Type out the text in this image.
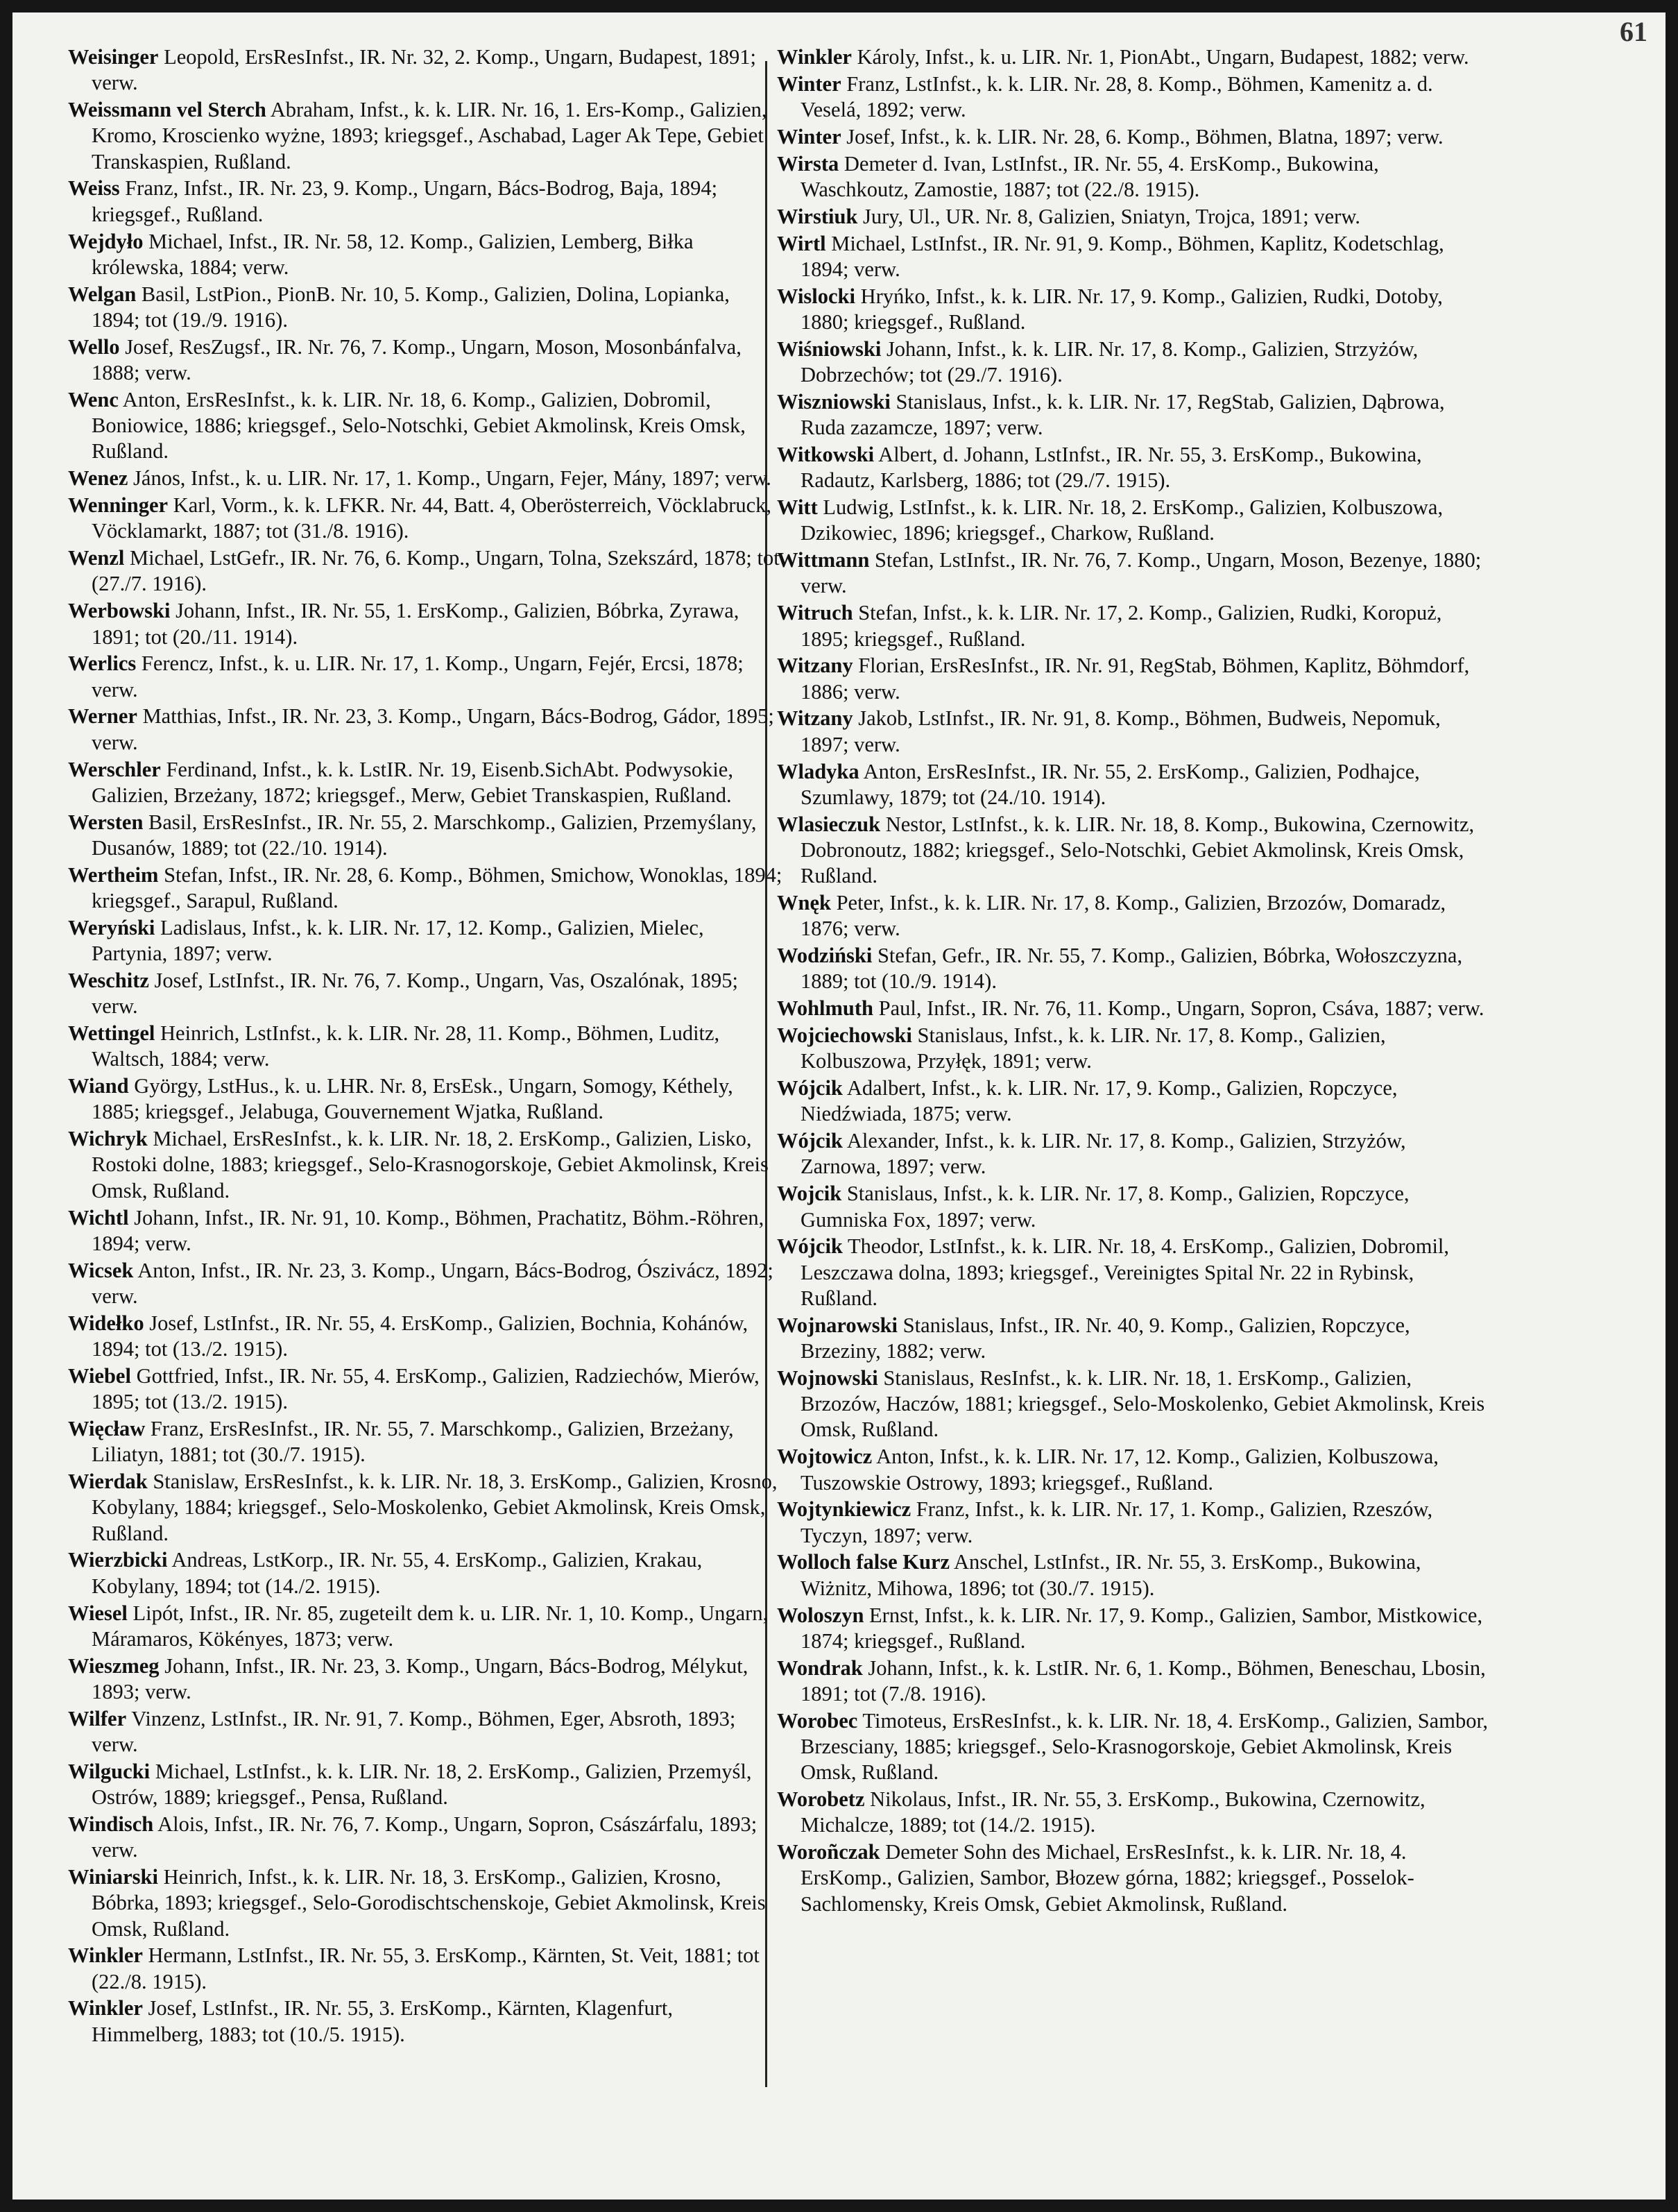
61

Weisinger Leopold, ErsResInfst., IR. Nr. 32, 2. Komp., Ungarn, Budapest, 1891; verw.

Weissmann vel Sterch Abraham, Infst., k. k. LIR. Nr. 16, 1. Ers-Komp., Galizien, Kromo, Kroscienko wyżne, 1893; kriegsgef., Aschabad, Lager Ak Tepe, Gebiet Transkaspien, Rußland.

Weiss Franz, Infst., IR. Nr. 23, 9. Komp., Ungarn, Bács-Bodrog, Baja, 1894; kriegsgef., Rußland.

Wejdyło Michael, Infst., IR. Nr. 58, 12. Komp., Galizien, Lemberg, Biłka królewska, 1884; verw.

Welgan Basil, LstPion., PionB. Nr. 10, 5. Komp., Galizien, Dolina, Lopianka, 1894; tot (19./9. 1916).

Wello Josef, ResZugsf., IR. Nr. 76, 7. Komp., Ungarn, Moson, Mosonbánfalva, 1888; verw.

Wenc Anton, ErsResInfst., k. k. LIR. Nr. 18, 6. Komp., Galizien, Dobromil, Boniowice, 1886; kriegsgef., Selo-Notschki, Gebiet Akmolinsk, Kreis Omsk, Rußland.

Wenez János, Infst., k. u. LIR. Nr. 17, 1. Komp., Ungarn, Fejer, Mány, 1897; verw.

Wenninger Karl, Vorm., k. k. LFKR. Nr. 44, Batt. 4, Oberösterreich, Vöcklabruck, Vöcklamarkt, 1887; tot (31./8. 1916).

Wenzl Michael, LstGefr., IR. Nr. 76, 6. Komp., Ungarn, Tolna, Szekszárd, 1878; tot (27./7. 1916).

Werbowski Johann, Infst., IR. Nr. 55, 1. ErsKomp., Galizien, Bóbrka, Zyrawa, 1891; tot (20./11. 1914).

Werlics Ferencz, Infst., k. u. LIR. Nr. 17, 1. Komp., Ungarn, Fejér, Ercsi, 1878; verw.

Werner Matthias, Infst., IR. Nr. 23, 3. Komp., Ungarn, Bács-Bodrog, Gádor, 1895; verw.

Werschler Ferdinand, Infst., k. k. LstIR. Nr. 19, Eisenb.SichAbt. Podwysokie, Galizien, Brzeżany, 1872; kriegsgef., Merw, Gebiet Transkaspien, Rußland.

Wersten Basil, ErsResInfst., IR. Nr. 55, 2. Marschkomp., Galizien, Przemyślany, Dusanów, 1889; tot (22./10. 1914).

Wertheim Stefan, Infst., IR. Nr. 28, 6. Komp., Böhmen, Smichow, Wonoklas, 1894; kriegsgef., Sarapul, Rußland.

Weryński Ladislaus, Infst., k. k. LIR. Nr. 17, 12. Komp., Galizien, Mielec, Partynia, 1897; verw.

Weschitz Josef, LstInfst., IR. Nr. 76, 7. Komp., Ungarn, Vas, Oszalónak, 1895; verw.

Wettingel Heinrich, LstInfst., k. k. LIR. Nr. 28, 11. Komp., Böhmen, Luditz, Waltsch, 1884; verw.

Wiand György, LstHus., k. u. LHR. Nr. 8, ErsEsk., Ungarn, Somogy, Kéthely, 1885; kriegsgef., Jelabuga, Gouvernement Wjatka, Rußland.

Wichryk Michael, ErsResInfst., k. k. LIR. Nr. 18, 2. ErsKomp., Galizien, Lisko, Rostoki dolne, 1883; kriegsgef., Selo-Krasnogorskoje, Gebiet Akmolinsk, Kreis Omsk, Rußland.

Wichtl Johann, Infst., IR. Nr. 91, 10. Komp., Böhmen, Prachatitz, Böhm.-Röhren, 1894; verw.

Wicsek Anton, Infst., IR. Nr. 23, 3. Komp., Ungarn, Bács-Bodrog, Ószivácz, 1892; verw.

Widełko Josef, LstInfst., IR. Nr. 55, 4. ErsKomp., Galizien, Bochnia, Kohánów, 1894; tot (13./2. 1915).

Wiebel Gottfried, Infst., IR. Nr. 55, 4. ErsKomp., Galizien, Radziechów, Mierów, 1895; tot (13./2. 1915).

Więcław Franz, ErsResInfst., IR. Nr. 55, 7. Marschkomp., Galizien, Brzeżany, Liliatyn, 1881; tot (30./7. 1915).

Wierdak Stanislaw, ErsResInfst., k. k. LIR. Nr. 18, 3. ErsKomp., Galizien, Krosno, Kobylany, 1884; kriegsgef., Selo-Moskolenko, Gebiet Akmolinsk, Kreis Omsk, Rußland.

Wierzbicki Andreas, LstKorp., IR. Nr. 55, 4. ErsKomp., Galizien, Krakau, Kobylany, 1894; tot (14./2. 1915).

Wiesel Lipót, Infst., IR. Nr. 85, zugeteilt dem k. u. LIR. Nr. 1, 10. Komp., Ungarn, Máramaros, Kökényes, 1873; verw.

Wieszmeg Johann, Infst., IR. Nr. 23, 3. Komp., Ungarn, Bács-Bodrog, Mélykut, 1893; verw.

Wilfer Vinzenz, LstInfst., IR. Nr. 91, 7. Komp., Böhmen, Eger, Absroth, 1893; verw.

Wilgucki Michael, LstInfst., k. k. LIR. Nr. 18, 2. ErsKomp., Galizien, Przemyśl, Ostrów, 1889; kriegsgef., Pensa, Rußland.

Windisch Alois, Infst., IR. Nr. 76, 7. Komp., Ungarn, Sopron, Császárfalu, 1893; verw.

Winiarski Heinrich, Infst., k. k. LIR. Nr. 18, 3. ErsKomp., Galizien, Krosno, Bóbrka, 1893; kriegsgef., Selo-Gorodischtschenskoje, Gebiet Akmolinsk, Kreis Omsk, Rußland.

Winkler Hermann, LstInfst., IR. Nr. 55, 3. ErsKomp., Kärnten, St. Veit, 1881; tot (22./8. 1915).

Winkler Josef, LstInfst., IR. Nr. 55, 3. ErsKomp., Kärnten, Klagenfurt, Himmelberg, 1883; tot (10./5. 1915).

Winkler Károly, Infst., k. u. LIR. Nr. 1, PionAbt., Ungarn, Budapest, 1882; verw.

Winter Franz, LstInfst., k. k. LIR. Nr. 28, 8. Komp., Böhmen, Kamenitz a. d. Veselá, 1892; verw.

Winter Josef, Infst., k. k. LIR. Nr. 28, 6. Komp., Böhmen, Blatna, 1897; verw.

Wirsta Demeter d. Ivan, LstInfst., IR. Nr. 55, 4. ErsKomp., Bukowina, Waschkoutz, Zamostie, 1887; tot (22./8. 1915).

Wirstiuk Jury, Ul., UR. Nr. 8, Galizien, Sniatyn, Trojca, 1891; verw.

Wirtl Michael, LstInfst., IR. Nr. 91, 9. Komp., Böhmen, Kaplitz, Kodetschlag, 1894; verw.

Wislocki Hryńko, Infst., k. k. LIR. Nr. 17, 9. Komp., Galizien, Rudki, Dotoby, 1880; kriegsgef., Rußland.

Wiśniowski Johann, Infst., k. k. LIR. Nr. 17, 8. Komp., Galizien, Strzyżów, Dobrzechów; tot (29./7. 1916).

Wiszniowski Stanislaus, Infst., k. k. LIR. Nr. 17, RegStab, Galizien, Dąbrowa, Ruda zazamcze, 1897; verw.

Witkowski Albert, d. Johann, LstInfst., IR. Nr. 55, 3. ErsKomp., Bukowina, Radautz, Karlsberg, 1886; tot (29./7. 1915).

Witt Ludwig, LstInfst., k. k. LIR. Nr. 18, 2. ErsKomp., Galizien, Kolbuszowa, Dzikowiec, 1896; kriegsgef., Charkow, Rußland.

Wittmann Stefan, LstInfst., IR. Nr. 76, 7. Komp., Ungarn, Moson, Bezenye, 1880; verw.

Witruch Stefan, Infst., k. k. LIR. Nr. 17, 2. Komp., Galizien, Rudki, Koropuż, 1895; kriegsgef., Rußland.

Witzany Florian, ErsResInfst., IR. Nr. 91, RegStab, Böhmen, Kaplitz, Böhmdorf, 1886; verw.

Witzany Jakob, LstInfst., IR. Nr. 91, 8. Komp., Böhmen, Budweis, Nepomuk, 1897; verw.

Wladyka Anton, ErsResInfst., IR. Nr. 55, 2. ErsKomp., Galizien, Podhajce, Szumlawy, 1879; tot (24./10. 1914).

Wlasieczuk Nestor, LstInfst., k. k. LIR. Nr. 18, 8. Komp., Bukowina, Czernowitz, Dobronoutz, 1882; kriegsgef., Selo-Notschki, Gebiet Akmolinsk, Kreis Omsk, Rußland.

Wnęk Peter, Infst., k. k. LIR. Nr. 17, 8. Komp., Galizien, Brzozów, Domaradz, 1876; verw.

Wodziński Stefan, Gefr., IR. Nr. 55, 7. Komp., Galizien, Bóbrka, Wołoszczyzna, 1889; tot (10./9. 1914).

Wohlmuth Paul, Infst., IR. Nr. 76, 11. Komp., Ungarn, Sopron, Csáva, 1887; verw.

Wojciechowski Stanislaus, Infst., k. k. LIR. Nr. 17, 8. Komp., Galizien, Kolbuszowa, Przyłęk, 1891; verw.

Wójcik Adalbert, Infst., k. k. LIR. Nr. 17, 9. Komp., Galizien, Ropczyce, Niedźwiada, 1875; verw.

Wójcik Alexander, Infst., k. k. LIR. Nr. 17, 8. Komp., Galizien, Strzyżów, Zarnowa, 1897; verw.

Wojcik Stanislaus, Infst., k. k. LIR. Nr. 17, 8. Komp., Galizien, Ropczyce, Gumniska Fox, 1897; verw.

Wójcik Theodor, LstInfst., k. k. LIR. Nr. 18, 4. ErsKomp., Galizien, Dobromil, Leszczawa dolna, 1893; kriegsgef., Vereinigtes Spital Nr. 22 in Rybinsk, Rußland.

Wojnarowski Stanislaus, Infst., IR. Nr. 40, 9. Komp., Galizien, Ropczyce, Brzeziny, 1882; verw.

Wojnowski Stanislaus, ResInfst., k. k. LIR. Nr. 18, 1. ErsKomp., Galizien, Brzozów, Haczów, 1881; kriegsgef., Selo-Moskolenko, Gebiet Akmolinsk, Kreis Omsk, Rußland.

Wojtowicz Anton, Infst., k. k. LIR. Nr. 17, 12. Komp., Galizien, Kolbuszowa, Tuszowskie Ostrowy, 1893; kriegsgef., Rußland.

Wojtynkiewicz Franz, Infst., k. k. LIR. Nr. 17, 1. Komp., Galizien, Rzeszów, Tyczyn, 1897; verw.

Wolloch false Kurz Anschel, LstInfst., IR. Nr. 55, 3. ErsKomp., Bukowina, Wiżnitz, Mihowa, 1896; tot (30./7. 1915).

Woloszyn Ernst, Infst., k. k. LIR. Nr. 17, 9. Komp., Galizien, Sambor, Mistkowice, 1874; kriegsgef., Rußland.

Wondrak Johann, Infst., k. k. LstIR. Nr. 6, 1. Komp., Böhmen, Beneschau, Lbosin, 1891; tot (7./8. 1916).

Worobec Timoteus, ErsResInfst., k. k. LIR. Nr. 18, 4. ErsKomp., Galizien, Sambor, Brzesciany, 1885; kriegsgef., Selo-Krasnogorskoje, Gebiet Akmolinsk, Kreis Omsk, Rußland.

Worobetz Nikolaus, Infst., IR. Nr. 55, 3. ErsKomp., Bukowina, Czernowitz, Michalcze, 1889; tot (14./2. 1915).

Woroñczak Demeter Sohn des Michael, ErsResInfst., k. k. LIR. Nr. 18, 4. ErsKomp., Galizien, Sambor, Błozew górna, 1882; kriegsgef., Posselok-Sachlomensky, Kreis Omsk, Gebiet Akmolinsk, Rußland.
